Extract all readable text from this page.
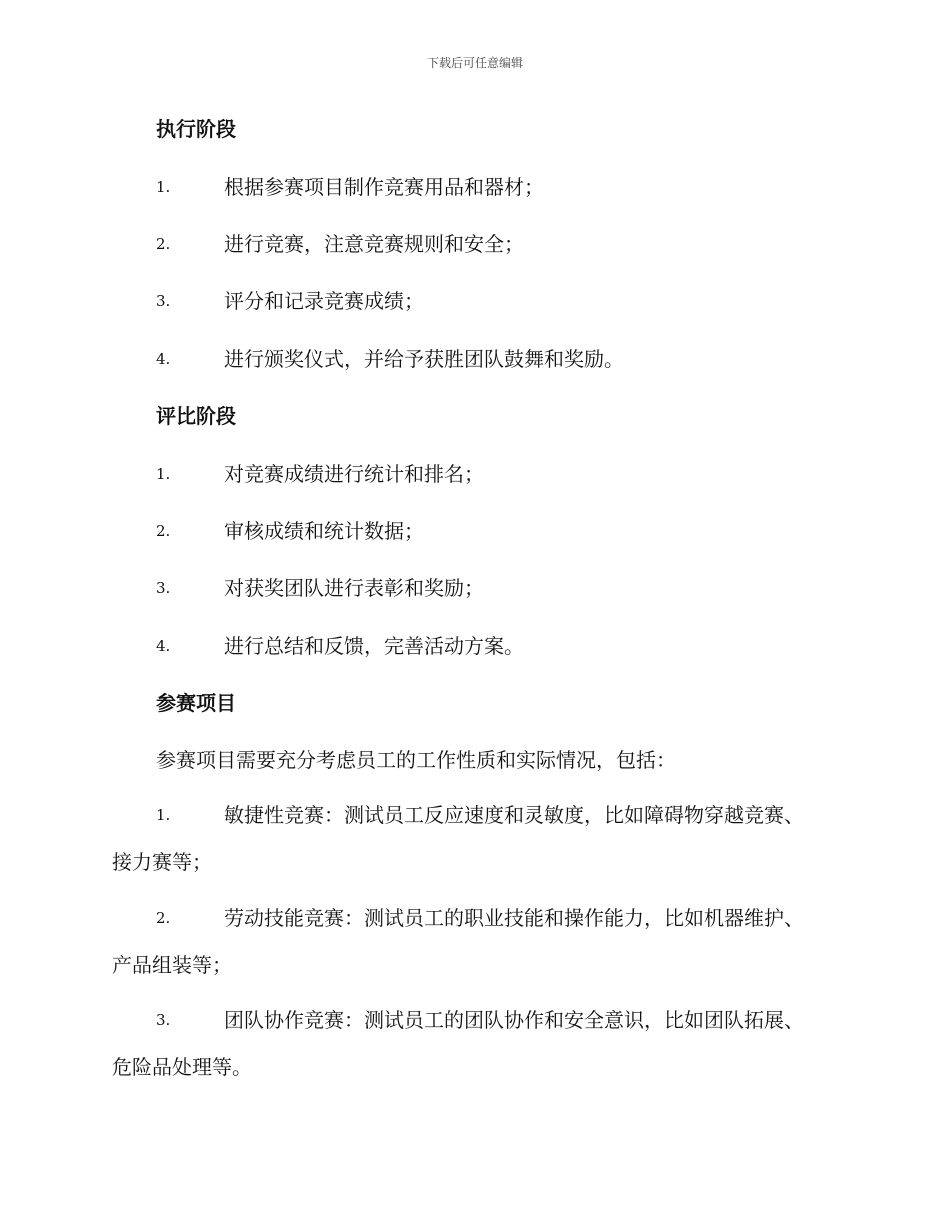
下载后可任意编辑
执行阶段
1.	根据参赛项目制作竞赛用品和器材；
2.	进行竞赛，注意竞赛规则和安全；
3.	评分和记录竞赛成绩；
4.	进行颁奖仪式，并给予获胜团队鼓舞和奖励。
评比阶段
1.	对竞赛成绩进行统计和排名；
2.	审核成绩和统计数据；
3.	对获奖团队进行表彰和奖励；
4.	进行总结和反馈，完善活动方案。
参赛项目
参赛项目需要充分考虑员工的工作性质和实际情况，包括：
1.	敏捷性竞赛：测试员工反应速度和灵敏度，比如障碍物穿越竞赛、接力赛等；
2.	劳动技能竞赛：测试员工的职业技能和操作能力，比如机器维护、产品组装等；
3.	团队协作竞赛：测试员工的团队协作和安全意识，比如团队拓展、危险品处理等。
